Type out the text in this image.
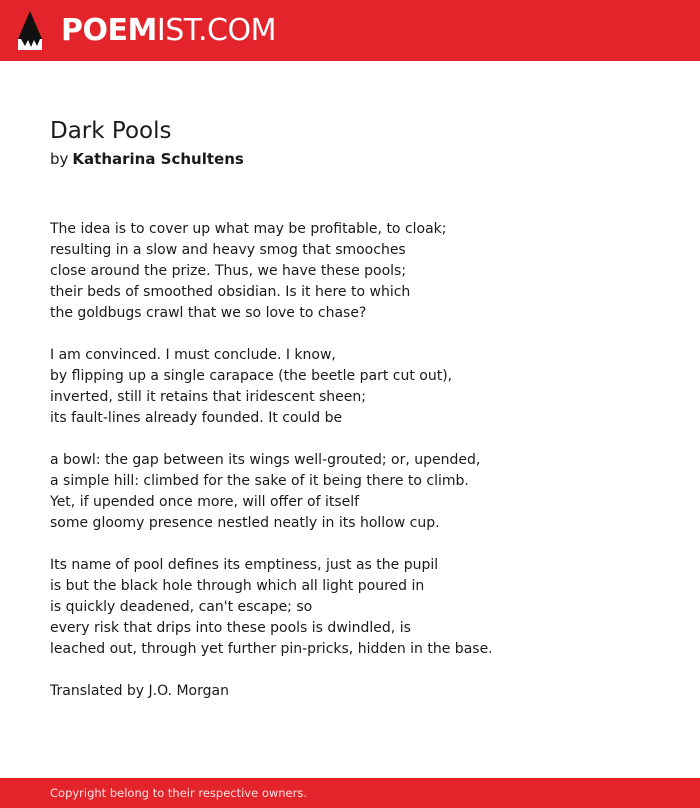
POEMIST.COM
Dark Pools
by Katharina Schultens
The idea is to cover up what may be profitable, to cloak;
resulting in a slow and heavy smog that smooches
close around the prize. Thus, we have these pools;
their beds of smoothed obsidian. Is it here to which
the goldbugs crawl that we so love to chase?
I am convinced. I must conclude. I know,
by flipping up a single carapace (the beetle part cut out),
inverted, still it retains that iridescent sheen;
its fault-lines already founded. It could be
a bowl: the gap between its wings well-grouted; or, upended,
a simple hill: climbed for the sake of it being there to climb.
Yet, if upended once more, will offer of itself
some gloomy presence nestled neatly in its hollow cup.
Its name of pool defines its emptiness, just as the pupil
is but the black hole through which all light poured in
is quickly deadened, can't escape; so
every risk that drips into these pools is dwindled, is
leached out, through yet further pin-pricks, hidden in the base.
Translated by J.O. Morgan
Copyright belong to their respective owners.
